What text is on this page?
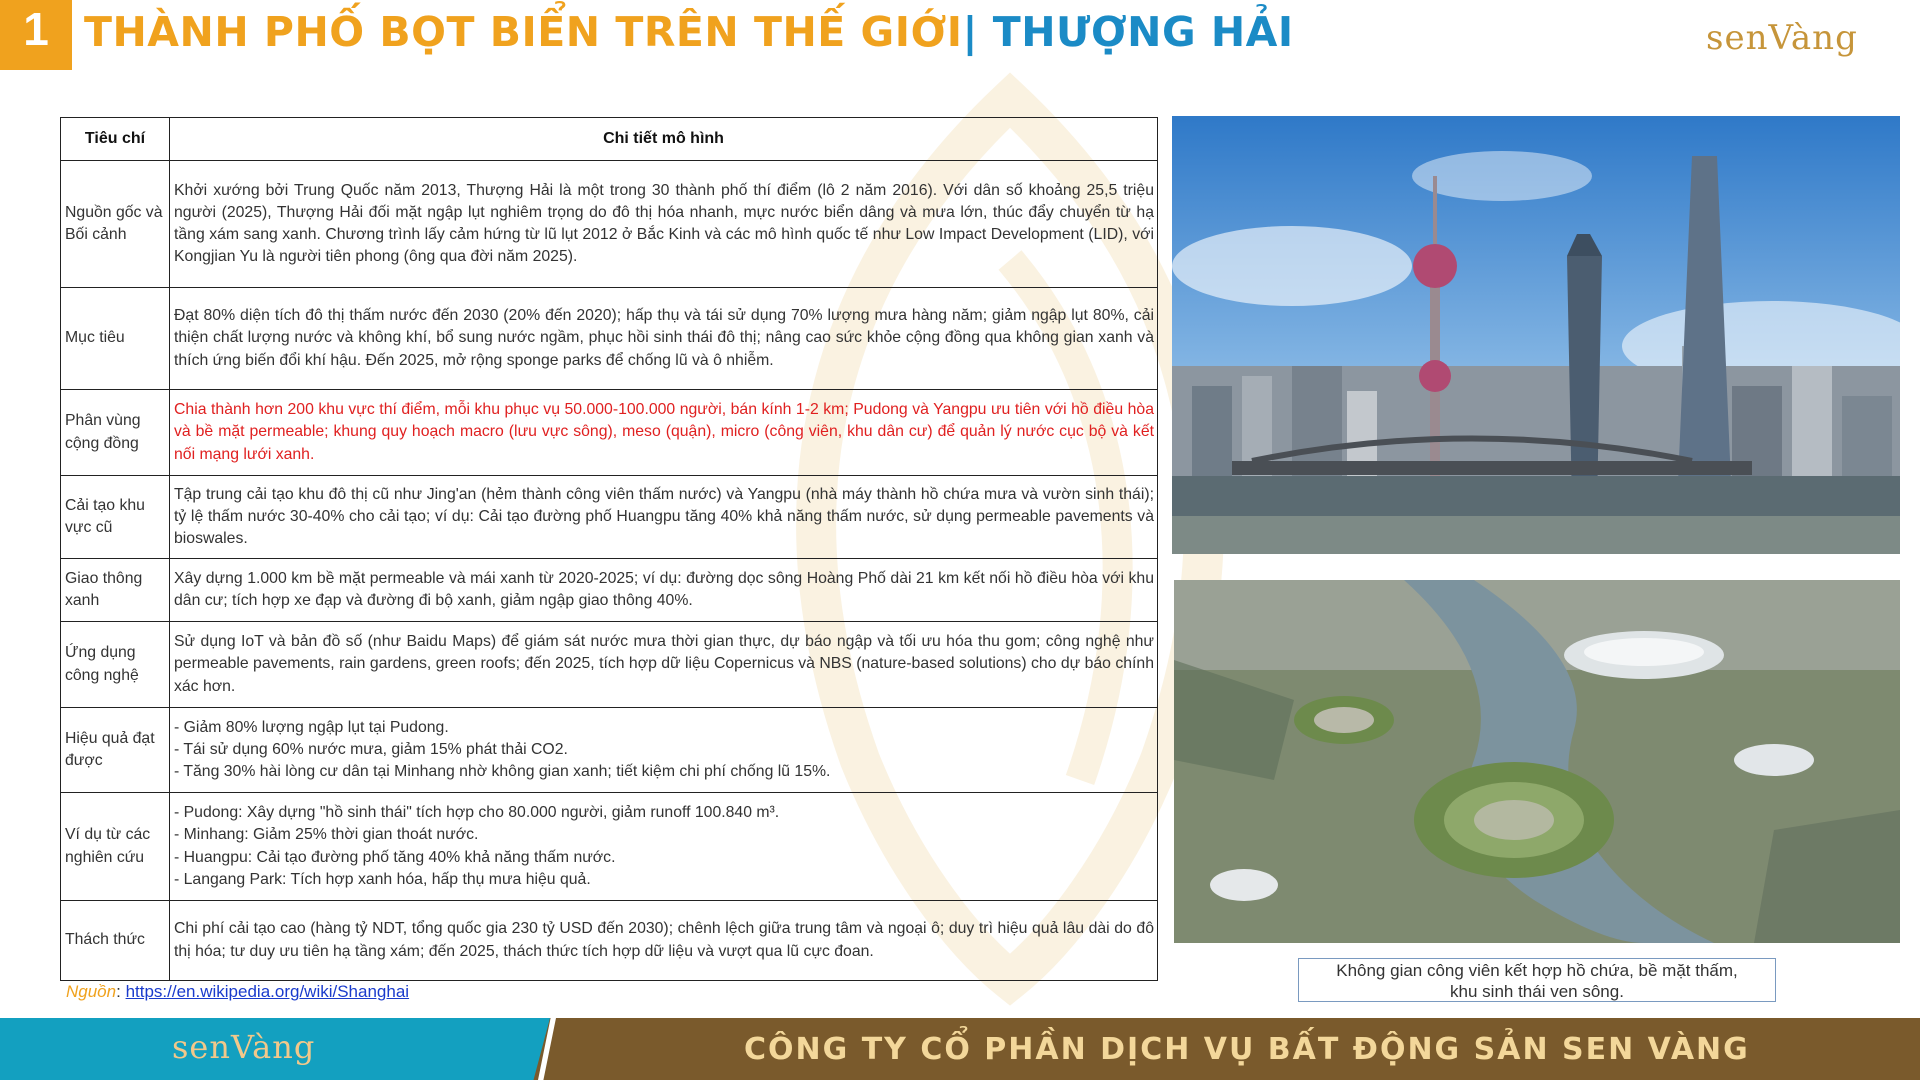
1 THÀNH PHỐ BỌT BIỂN TRÊN THẾ GIỚI| THƯỢNG HẢI	senVàng
Tiêu chí	Chi tiết mô hình
Nguồn gốc và Bối cảnh	Khởi xướng bởi Trung Quốc năm 2013, Thượng Hải là một trong 30 thành phố thí điểm (lô 2 năm 2016). Với dân số khoảng 25,5 triệu người (2025), Thượng Hải đối mặt ngập lụt nghiêm trọng do đô thị hóa nhanh, mực nước biển dâng và mưa lớn, thúc đẩy chuyển từ hạ tầng xám sang xanh. Chương trình lấy cảm hứng từ lũ lụt 2012 ở Bắc Kinh và các mô hình quốc tế như Low Impact Development (LID), với Kongjian Yu là người tiên phong (ông qua đời năm 2025).
Mục tiêu	Đạt 80% diện tích đô thị thấm nước đến 2030 (20% đến 2020); hấp thụ và tái sử dụng 70% lượng mưa hàng năm; giảm ngập lụt 80%, cải thiện chất lượng nước và không khí, bổ sung nước ngầm, phục hồi sinh thái đô thị; nâng cao sức khỏe cộng đồng qua không gian xanh và thích ứng biến đổi khí hậu. Đến 2025, mở rộng sponge parks để chống lũ và ô nhiễm.
Phân vùng cộng đồng	Chia thành hơn 200 khu vực thí điểm, mỗi khu phục vụ 50.000-100.000 người, bán kính 1-2 km; Pudong và Yangpu ưu tiên với hồ điều hòa và bề mặt permeable; khung quy hoạch macro (lưu vực sông), meso (quận), micro (công viên, khu dân cư) để quản lý nước cục bộ và kết nối mạng lưới xanh.
Cải tạo khu vực cũ	Tập trung cải tạo khu đô thị cũ như Jing'an (hẻm thành công viên thấm nước) và Yangpu (nhà máy thành hồ chứa mưa và vườn sinh thái); tỷ lệ thấm nước 30-40% cho cải tạo; ví dụ: Cải tạo đường phố Huangpu tăng 40% khả năng thấm nước, sử dụng permeable pavements và bioswales.
Giao thông xanh	Xây dựng 1.000 km bề mặt permeable và mái xanh từ 2020-2025; ví dụ: đường dọc sông Hoàng Phố dài 21 km kết nối hồ điều hòa với khu dân cư; tích hợp xe đạp và đường đi bộ xanh, giảm ngập giao thông 40%.
Ứng dụng công nghệ	Sử dụng IoT và bản đồ số (như Baidu Maps) để giám sát nước mưa thời gian thực, dự báo ngập và tối ưu hóa thu gom; công nghệ như permeable pavements, rain gardens, green roofs; đến 2025, tích hợp dữ liệu Copernicus và NBS (nature-based solutions) cho dự báo chính xác hơn.
Hiệu quả đạt được	- Giảm 80% lượng ngập lụt tại Pudong.
- Tái sử dụng 60% nước mưa, giảm 15% phát thải CO2.
- Tăng 30% hài lòng cư dân tại Minhang nhờ không gian xanh; tiết kiệm chi phí chống lũ 15%.

Ví dụ từ các nghiên cứu	- Pudong: Xây dựng "hồ sinh thái" tích hợp cho 80.000 người, giảm runoff 100.840 m³.
- Minhang: Giảm 25% thời gian thoát nước.
- Huangpu: Cải tạo đường phố tăng 40% khả năng thấm nước.
- Langang Park: Tích hợp xanh hóa, hấp thụ mưa hiệu quả.

Thách thức	Chi phí cải tạo cao (hàng tỷ NDT, tổng quốc gia 230 tỷ USD đến 2030); chênh lệch giữa trung tâm và ngoại ô; duy trì hiệu quả lâu dài do đô thị hóa; tư duy ưu tiên hạ tầng xám; đến 2025, thách thức tích hợp dữ liệu và vượt qua lũ cực đoan.
Nguồn: https://en.wikipedia.org/wiki/Shanghai
Không gian công viên kết hợp hồ chứa, bề mặt thấm,
khu sinh thái ven sông.
senVàng	CÔNG TY CỔ PHẦN DỊCH VỤ BẤT ĐỘNG SẢN SEN VÀNG
